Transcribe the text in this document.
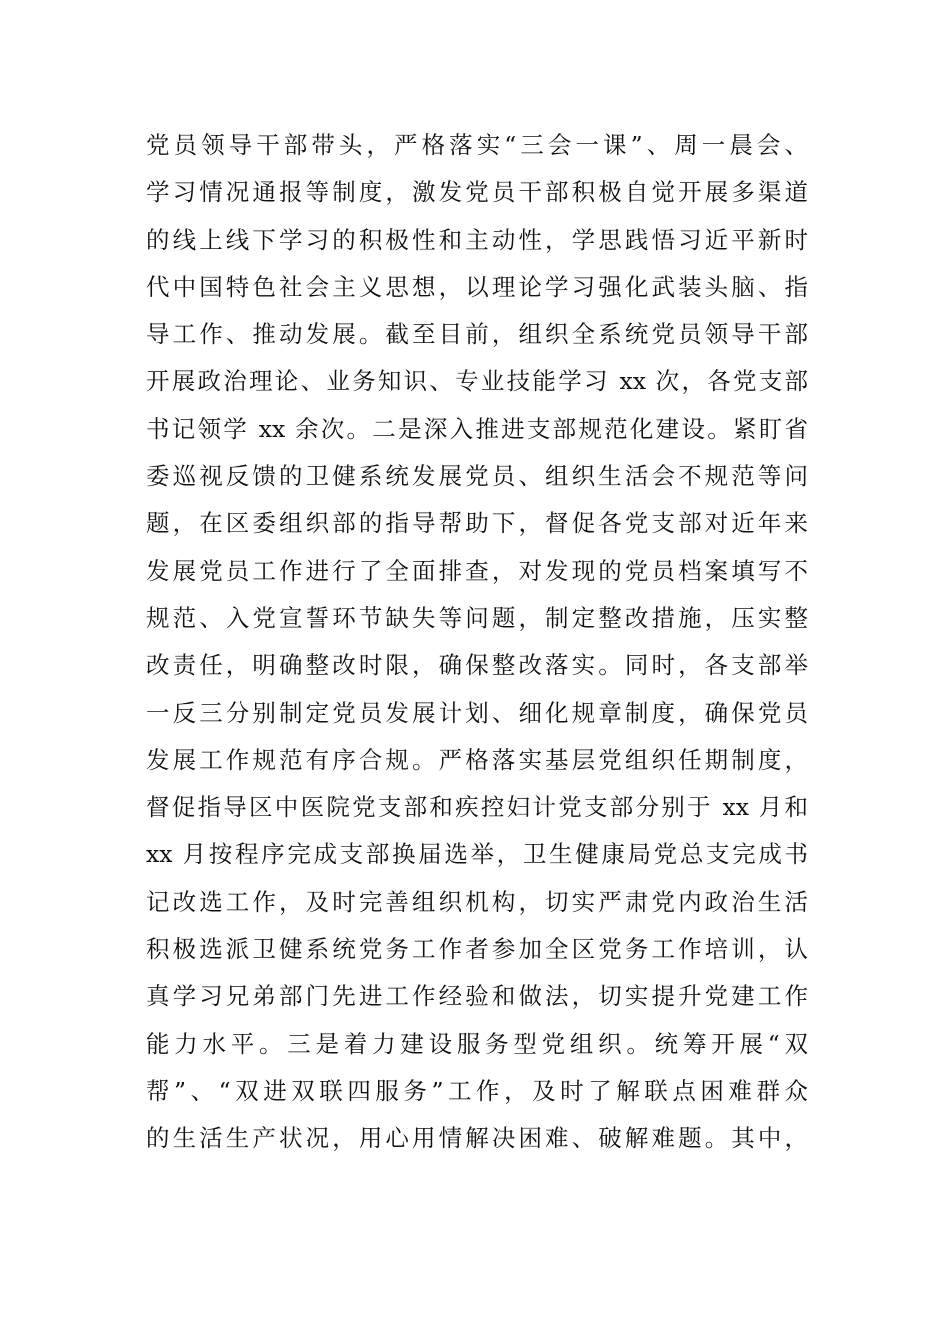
党员领导干部带头，严格落实“三会一课”、周一晨会、
学习情况通报等制度，激发党员干部积极自觉开展多渠道
的线上线下学习的积极性和主动性，学思践悟习近平新时
代中国特色社会主义思想，以理论学习强化武装头脑、指
导工作、推动发展。截至目前，组织全系统党员领导干部
开展政治理论、业务知识、专业技能学习 xx 次，各党支部
书记领学 xx 余次。二是深入推进支部规范化建设。紧盯省
委巡视反馈的卫健系统发展党员、组织生活会不规范等问
题，在区委组织部的指导帮助下，督促各党支部对近年来
发展党员工作进行了全面排查，对发现的党员档案填写不
规范、入党宣誓环节缺失等问题，制定整改措施，压实整
改责任，明确整改时限，确保整改落实。同时，各支部举
一反三分别制定党员发展计划、细化规章制度，确保党员
发展工作规范有序合规。严格落实基层党组织任期制度，
督促指导区中医院党支部和疾控妇计党支部分别于 xx 月和
xx 月按程序完成支部换届选举，卫生健康局党总支完成书
记改选工作，及时完善组织机构，切实严肃党内政治生活
积极选派卫健系统党务工作者参加全区党务工作培训，认
真学习兄弟部门先进工作经验和做法，切实提升党建工作
能力水平。三是着力建设服务型党组织。统筹开展“双
帮”、“双进双联四服务”工作，及时了解联点困难群众
的生活生产状况，用心用情解决困难、破解难题。其中，
